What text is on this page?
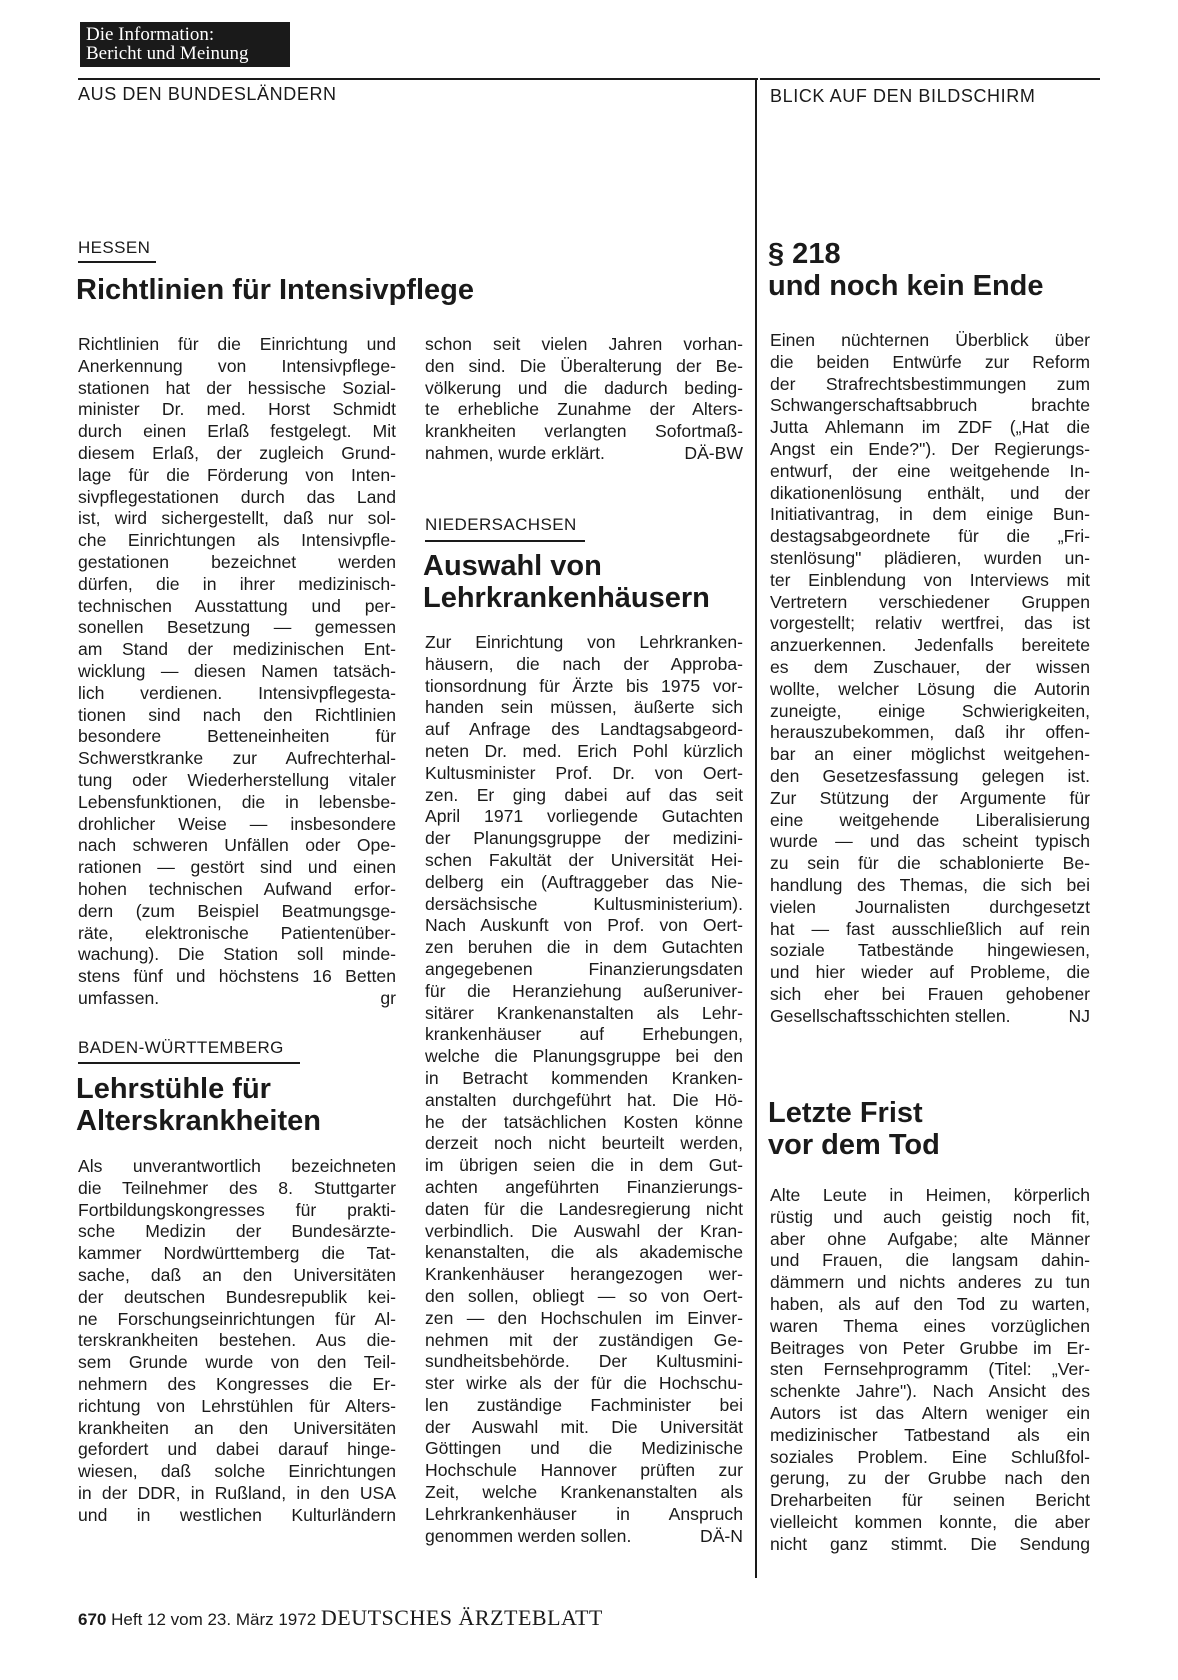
Die Information:
Bericht und Meinung
AUS DEN BUNDESLÄNDERN	BLICK AUF DEN BILDSCHIRM
HESSEN
Richtlinien für Intensivpflege
Richtlinien für die Einrichtung und
Anerkennung von Intensivpflege-
stationen hat der hessische Sozial-
minister Dr. med. Horst Schmidt
durch einen Erlaß festgelegt. Mit
diesem Erlaß, der zugleich Grund-
lage für die Förderung von Inten-
sivpflegestationen durch das Land
ist, wird sichergestellt, daß nur sol-
che Einrichtungen als Intensivpfle-
gestationen bezeichnet werden
dürfen, die in ihrer medizinisch-
technischen Ausstattung und per-
sonellen Besetzung — gemessen
am Stand der medizinischen Ent-
wicklung — diesen Namen tatsäch-
lich verdienen. Intensivpflegesta-
tionen sind nach den Richtlinien
besondere Betteneinheiten für
Schwerstkranke zur Aufrechterhal-
tung oder Wiederherstellung vitaler
Lebensfunktionen, die in lebensbe-
drohlicher Weise — insbesondere
nach schweren Unfällen oder Ope-
rationen — gestört sind und einen
hohen technischen Aufwand erfor-
dern (zum Beispiel Beatmungsge-
räte, elektronische Patientenüber-
wachung). Die Station soll minde-
stens fünf und höchstens 16 Betten
umfassen.	gr
BADEN-WÜRTTEMBERG
Lehrstühle für
Alterskrankheiten
Als unverantwortlich bezeichneten
die Teilnehmer des 8. Stuttgarter
Fortbildungskongresses für prakti-
sche Medizin der Bundesärzte-
kammer Nordwürttemberg die Tat-
sache, daß an den Universitäten
der deutschen Bundesrepublik kei-
ne Forschungseinrichtungen für Al-
terskrankheiten bestehen. Aus die-
sem Grunde wurde von den Teil-
nehmern des Kongresses die Er-
richtung von Lehrstühlen für Alters-
krankheiten an den Universitäten
gefordert und dabei darauf hinge-
wiesen, daß solche Einrichtungen
in der DDR, in Rußland, in den USA
und in westlichen Kulturländern
schon seit vielen Jahren vorhan-
den sind. Die Überalterung der Be-
völkerung und die dadurch beding-
te erhebliche Zunahme der Alters-
krankheiten verlangten Sofortmaß-
nahmen, wurde erklärt.	DÄ-BW
NIEDERSACHSEN
Auswahl von
Lehrkrankenhäusern
Zur Einrichtung von Lehrkranken-
häusern, die nach der Approba-
tionsordnung für Ärzte bis 1975 vor-
handen sein müssen, äußerte sich
auf Anfrage des Landtagsabgeord-
neten Dr. med. Erich Pohl kürzlich
Kultusminister Prof. Dr. von Oert-
zen. Er ging dabei auf das seit
April 1971 vorliegende Gutachten
der Planungsgruppe der medizini-
schen Fakultät der Universität Hei-
delberg ein (Auftraggeber das Nie-
dersächsische Kultusministerium).
Nach Auskunft von Prof. von Oert-
zen beruhen die in dem Gutachten
angegebenen Finanzierungsdaten
für die Heranziehung außeruniver-
sitärer Krankenanstalten als Lehr-
krankenhäuser auf Erhebungen,
welche die Planungsgruppe bei den
in Betracht kommenden Kranken-
anstalten durchgeführt hat. Die Hö-
he der tatsächlichen Kosten könne
derzeit noch nicht beurteilt werden,
im übrigen seien die in dem Gut-
achten angeführten Finanzierungs-
daten für die Landesregierung nicht
verbindlich. Die Auswahl der Kran-
kenanstalten, die als akademische
Krankenhäuser herangezogen wer-
den sollen, obliegt — so von Oert-
zen — den Hochschulen im Einver-
nehmen mit der zuständigen Ge-
sundheitsbehörde. Der Kultusmini-
ster wirke als der für die Hochschu-
len zuständige Fachminister bei
der Auswahl mit. Die Universität
Göttingen und die Medizinische
Hochschule Hannover prüften zur
Zeit, welche Krankenanstalten als
Lehrkrankenhäuser in Anspruch
genommen werden sollen.	DÄ-N
§ 218
und noch kein Ende
Einen nüchternen Überblick über
die beiden Entwürfe zur Reform
der Strafrechtsbestimmungen zum
Schwangerschaftsabbruch brachte
Jutta Ahlemann im ZDF („Hat die
Angst ein Ende?"). Der Regierungs-
entwurf, der eine weitgehende In-
dikationenlösung enthält, und der
Initiativantrag, in dem einige Bun-
destagsabgeordnete für die „Fri-
stenlösung" plädieren, wurden un-
ter Einblendung von Interviews mit
Vertretern verschiedener Gruppen
vorgestellt; relativ wertfrei, das ist
anzuerkennen. Jedenfalls bereitete
es dem Zuschauer, der wissen
wollte, welcher Lösung die Autorin
zuneigte, einige Schwierigkeiten,
herauszubekommen, daß ihr offen-
bar an einer möglichst weitgehen-
den Gesetzesfassung gelegen ist.
Zur Stützung der Argumente für
eine weitgehende Liberalisierung
wurde — und das scheint typisch
zu sein für die schablonierte Be-
handlung des Themas, die sich bei
vielen Journalisten durchgesetzt
hat — fast ausschließlich auf rein
soziale Tatbestände hingewiesen,
und hier wieder auf Probleme, die
sich eher bei Frauen gehobener
Gesellschaftsschichten stellen.	NJ
Letzte Frist
vor dem Tod
Alte Leute in Heimen, körperlich
rüstig und auch geistig noch fit,
aber ohne Aufgabe; alte Männer
und Frauen, die langsam dahin-
dämmern und nichts anderes zu tun
haben, als auf den Tod zu warten,
waren Thema eines vorzüglichen
Beitrages von Peter Grubbe im Er-
sten Fernsehprogramm (Titel: „Ver-
schenkte Jahre"). Nach Ansicht des
Autors ist das Altern weniger ein
medizinischer Tatbestand als ein
soziales Problem. Eine Schlußfol-
gerung, zu der Grubbe nach den
Dreharbeiten für seinen Bericht
vielleicht kommen konnte, die aber
nicht ganz stimmt. Die Sendung
670 Heft 12 vom 23. März 1972 DEUTSCHES ÄRZTEBLATT
